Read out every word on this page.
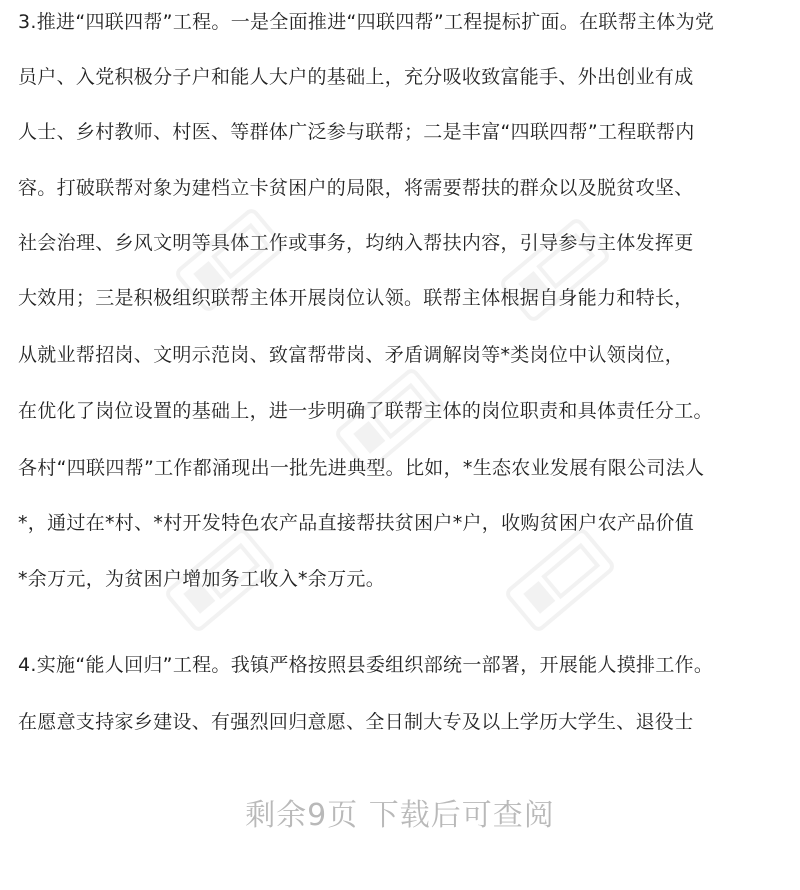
3.推进“四联四帮”工程。一是全面推进“四联四帮”工程提标扩面。在联帮主体为党
员户、入党积极分子户和能人大户的基础上，充分吸收致富能手、外出创业有成
人士、乡村教师、村医、等群体广泛参与联帮；二是丰富“四联四帮”工程联帮内
容。打破联帮对象为建档立卡贫困户的局限，将需要帮扶的群众以及脱贫攻坚、
社会治理、乡风文明等具体工作或事务，均纳入帮扶内容，引导参与主体发挥更
大效用；三是积极组织联帮主体开展岗位认领。联帮主体根据自身能力和特长，
从就业帮招岗、文明示范岗、致富帮带岗、矛盾调解岗等*类岗位中认领岗位，
在优化了岗位设置的基础上，进一步明确了联帮主体的岗位职责和具体责任分工。
各村“四联四帮”工作都涌现出一批先进典型。比如，*生态农业发展有限公司法人
*，通过在*村、*村开发特色农产品直接帮扶贫困户*户，收购贫困户农产品价值
*余万元，为贫困户增加务工收入*余万元。
4.实施“能人回归”工程。我镇严格按照县委组织部统一部署，开展能人摸排工作。
在愿意支持家乡建设、有强烈回归意愿、全日制大专及以上学历大学生、退役士
剩余9页 下载后可查阅
